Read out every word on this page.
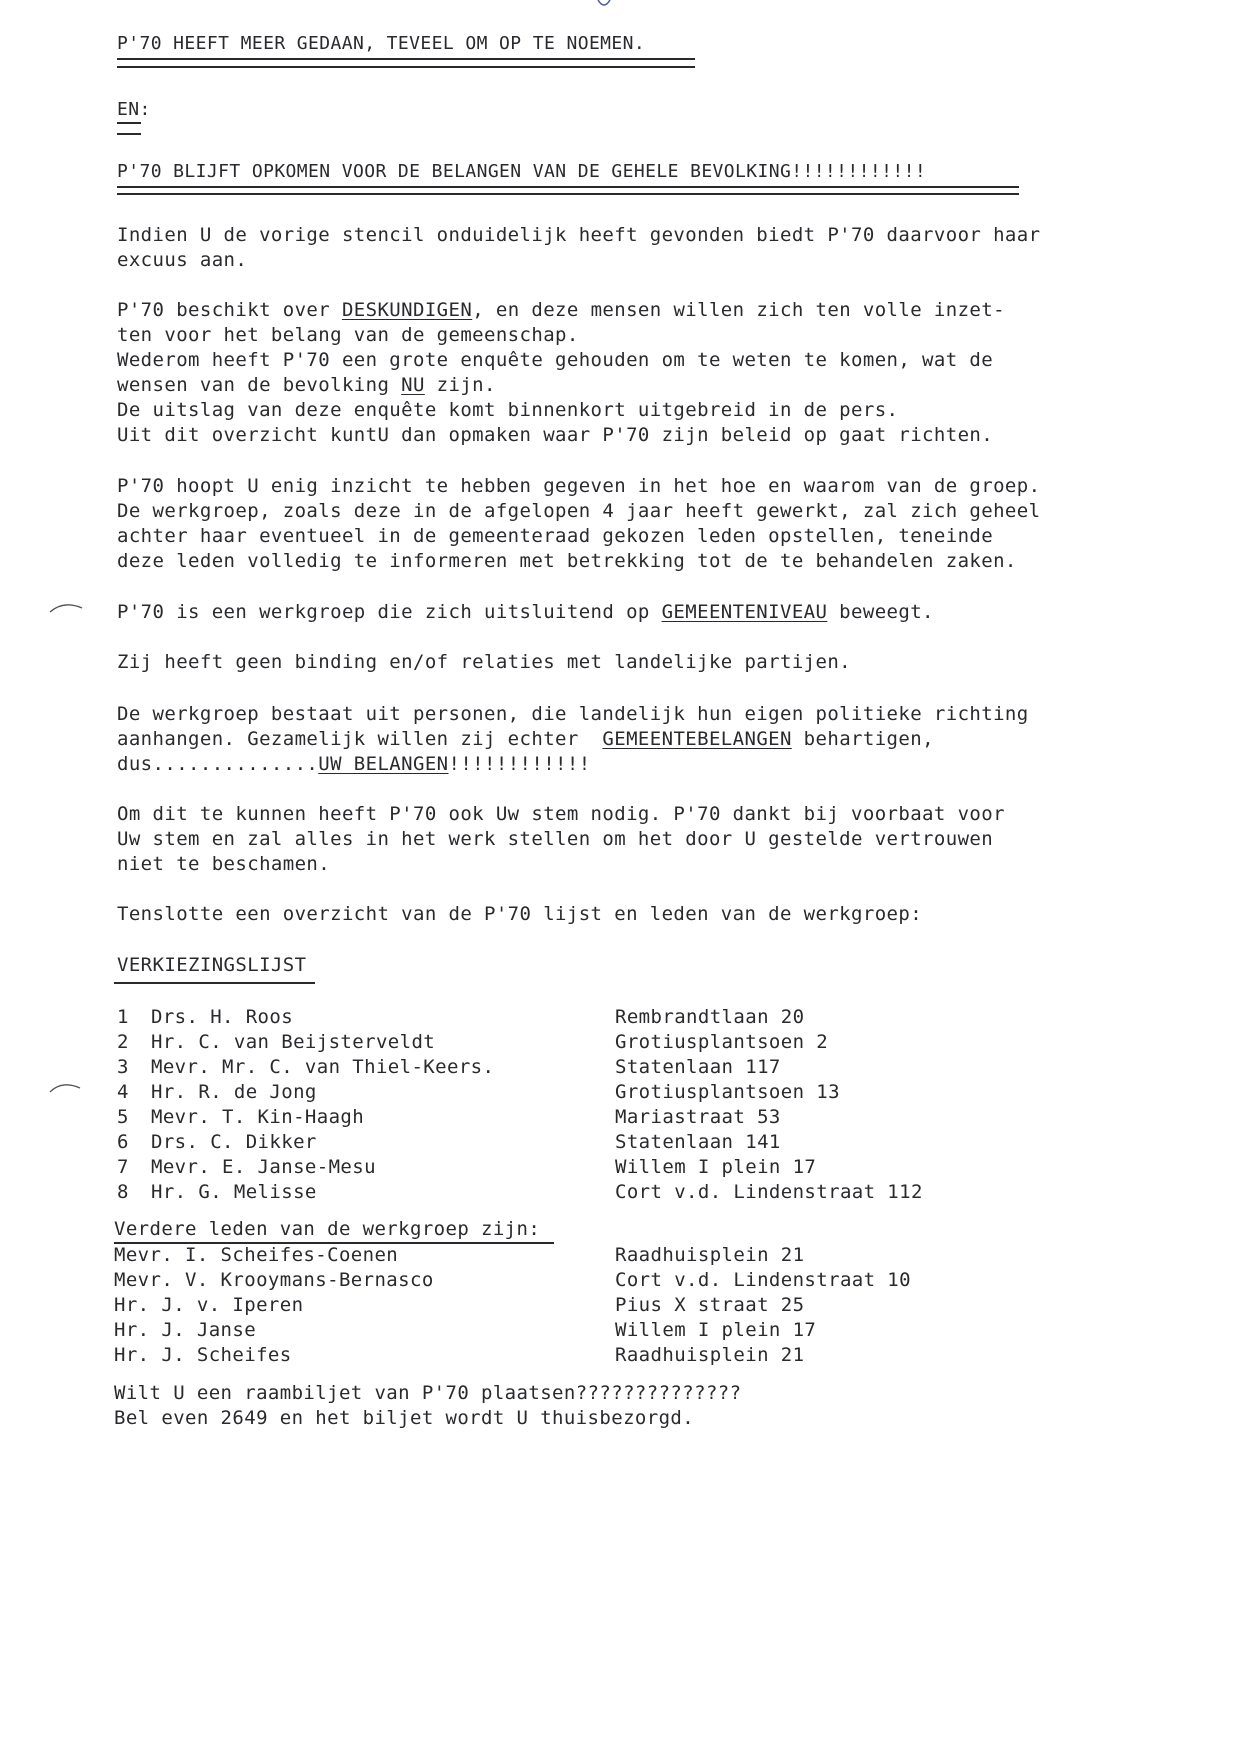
P'70 HEEFT MEER GEDAAN, TEVEEL OM OP TE NOEMEN.

EN:

P'70 BLIJFT OPKOMEN VOOR DE BELANGEN VAN DE GEHELE BEVOLKING!!!!!!!!!!!!

Indien U de vorige stencil onduidelijk heeft gevonden biedt P'70 daarvoor haar

excuus aan.

P'70 beschikt over DESKUNDIGEN, en deze mensen willen zich ten volle inzet-

ten voor het belang van de gemeenschap.

Wederom heeft P'70 een grote enquête gehouden om te weten te komen, wat de

wensen van de bevolking NU zijn.

De uitslag van deze enquête komt binnenkort uitgebreid in de pers.

Uit dit overzicht kuntU dan opmaken waar P'70 zijn beleid op gaat richten.

P'70 hoopt U enig inzicht te hebben gegeven in het hoe en waarom van de groep.

De werkgroep, zoals deze in de afgelopen 4 jaar heeft gewerkt, zal zich geheel

achter haar eventueel in de gemeenteraad gekozen leden opstellen, teneinde

deze leden volledig te informeren met betrekking tot de te behandelen zaken.

P'70 is een werkgroep die zich uitsluitend op GEMEENTENIVEAU beweegt.

Zij heeft geen binding en/of relaties met landelijke partijen.

De werkgroep bestaat uit personen, die landelijk hun eigen politieke richting

aanhangen. Gezamelijk willen zij echter  GEMEENTEBELANGEN behartigen,

dus..............UW BELANGEN!!!!!!!!!!!!

Om dit te kunnen heeft P'70 ook Uw stem nodig. P'70 dankt bij voorbaat voor

Uw stem en zal alles in het werk stellen om het door U gestelde vertrouwen

niet te beschamen.

Tenslotte een overzicht van de P'70 lijst en leden van de werkgroep:

VERKIEZINGSLIJST

1 Drs. H. Roos	Rembrandtlaan 20
2 Hr. C. van Beijsterveldt	Grotiusplantsoen 2
3 Mevr. Mr. C. van Thiel-Keers.	Statenlaan 117
4 Hr. R. de Jong	Grotiusplantsoen 13
5 Mevr. T. Kin-Haagh	Mariastraat 53
6 Drs. C. Dikker	Statenlaan 141
7 Mevr. E. Janse-Mesu	Willem I plein 17
8 Hr. G. Melisse	Cort v.d. Lindenstraat 112

Verdere leden van de werkgroep zijn:

Mevr. I. Scheifes-Coenen	Raadhuisplein 21
Mevr. V. Krooymans-Bernasco	Cort v.d. Lindenstraat 10
Hr. J. v. Iperen	Pius X straat 25
Hr. J. Janse	Willem I plein 17
Hr. J. Scheifes	Raadhuisplein 21

Wilt U een raambiljet van P'70 plaatsen??????????????

Bel even 2649 en het biljet wordt U thuisbezorgd.
